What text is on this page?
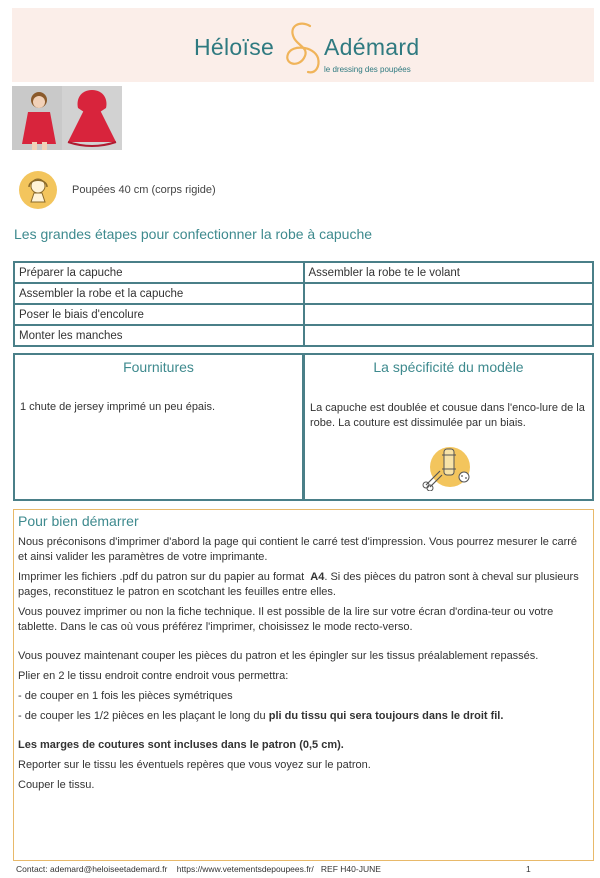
Héloïse Adémard
le dressing des poupées
Poupées 40 cm (corps rigide)
Les grandes étapes pour confectionner la robe à capuche
Préparer la capuche	Assembler la robe te le volant
Assembler la robe et la capuche	
Poser le biais d'encolure	
Monter les manches	
Fournitures

1 chute de jersey imprimé un peu épais.

La spécificité du modèle

La capuche est doublée et cousue dans l'enco-lure de la robe. La couture est dissimulée par un biais.

Pour bien démarrer

Nous préconisons d'imprimer d'abord la page qui contient le carré test d'impression. Vous pourrez mesurer le carré et ainsi valider les paramètres de votre imprimante.

Imprimer les fichiers .pdf du patron sur du papier au format A4. Si des pièces du patron sont à cheval sur plusieurs pages, reconstituez le patron en scotchant les feuilles entre elles.

Vous pouvez imprimer ou non la fiche technique. Il est possible de la lire sur votre écran d'ordina-teur ou votre tablette. Dans le cas où vous préférez l'imprimer, choisissez le mode recto-verso.

Vous pouvez maintenant couper les pièces du patron et les épingler sur les tissus préalablement repassés.

Plier en 2 le tissu endroit contre endroit vous permettra:

- de couper en 1 fois les pièces symétriques

- de couper les 1/2 pièces en les plaçant le long du pli du tissu qui sera toujours dans le droit fil.

Les marges de coutures sont incluses dans le patron (0,5 cm).

Reporter sur le tissu les éventuels repères que vous voyez sur le patron.

Couper le tissu.

Contact: ademard@heloiseetademard.fr https://www.vetementsdepoupees.fr/ REF H40-JUNE	1
